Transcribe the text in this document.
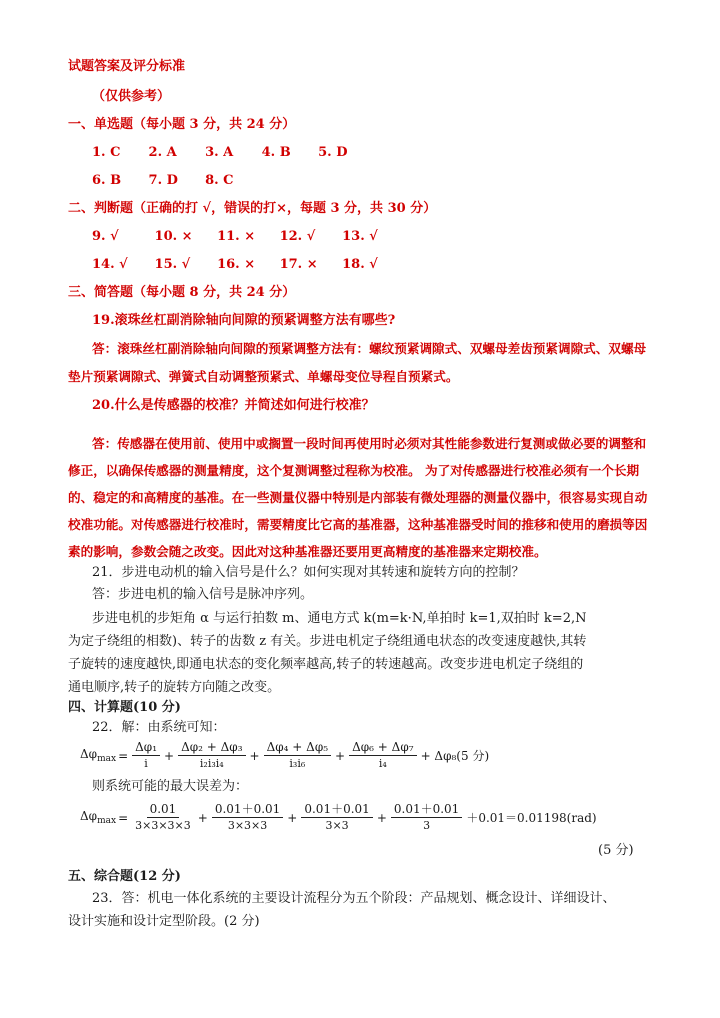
试题答案及评分标准
（仅供参考）
一、单选题（每小题 3 分，共 24 分）
1. C 2. A 3. A 4. B 5. D
6. B 7. D 8. C
二、判断题（正确的打 √，错误的打×，每题 3 分，共 30 分）
9. √	10. × 11. × 12. √ 13. √
14. √ 15. √ 16. × 17. × 18. √
三、简答题（每小题 8 分，共 24 分）
19.滚珠丝杠副消除轴向间隙的预紧调整方法有哪些?
答：滚珠丝杠副消除轴向间隙的预紧调整方法有：螺纹预紧调隙式、双螺母差齿预紧调隙式、双螺母
垫片预紧调隙式、弹簧式自动调整预紧式、单螺母变位导程自预紧式。
20.什么是传感器的校准？并简述如何进行校准？
答：传感器在使用前、使用中或搁置一段时间再使用时必须对其性能参数进行复测或做必要的调整和
修正，以确保传感器的测量精度，这个复测调整过程称为校准。 为了对传感器进行校准必须有一个长期
的、稳定的和高精度的基准。在一些测量仪器中特别是内部装有微处理器的测量仪器中，很容易实现自动
校准功能。对传感器进行校准时，需要精度比它高的基准器，这种基准器受时间的推移和使用的磨损等因
素的影响，参数会随之改变。因此对这种基准器还要用更高精度的基准器来定期校准。
21．步进电动机的输入信号是什么？如何实现对其转速和旋转方向的控制？
答：步进电机的输入信号是脉冲序列。
步进电机的步矩角 α 与运行拍数 m、通电方式 k(m=k·N,单拍时 k=1,双拍时 k=2,N
为定子绕组的相数)、转子的齿数 z 有关。步进电机定子绕组通电状态的改变速度越快,其转
子旋转的速度越快,即通电状态的变化频率越高,转子的转速越高。改变步进电机定子绕组的
通电顺序,转子的旋转方向随之改变。
四、计算题(10 分)
22．解：由系统可知：
$\Delta\varphi_{max} = \frac{\text{Δφ₁}}{i} + \frac{\text{Δφ₂ + Δφ₃}}{\text{i₂i₃i₄}} + \frac{\text{Δφ₄ + Δφ₅}}{\text{i₃i₆}} + \frac{\text{Δφ₆ + Δφ₇}}{\text{i₄}} + \Delta\varphi_8(5$ 分)
则系统可能的最大误差为：
$\Delta\varphi_{max} = \frac{0.01}{3\times 3\times 3\times 3} + \frac{0.01+0.01}{3\times 3\times 3} + \frac{0.01+0.01}{3\times 3} + \frac{0.01+0.01}{3} +0.01=0.01198(rad)$
(5 分)
五、综合题(12 分)
23．答：机电一体化系统的主要设计流程分为五个阶段：产品规划、概念设计、详细设计、
设计实施和设计定型阶段。(2 分)
